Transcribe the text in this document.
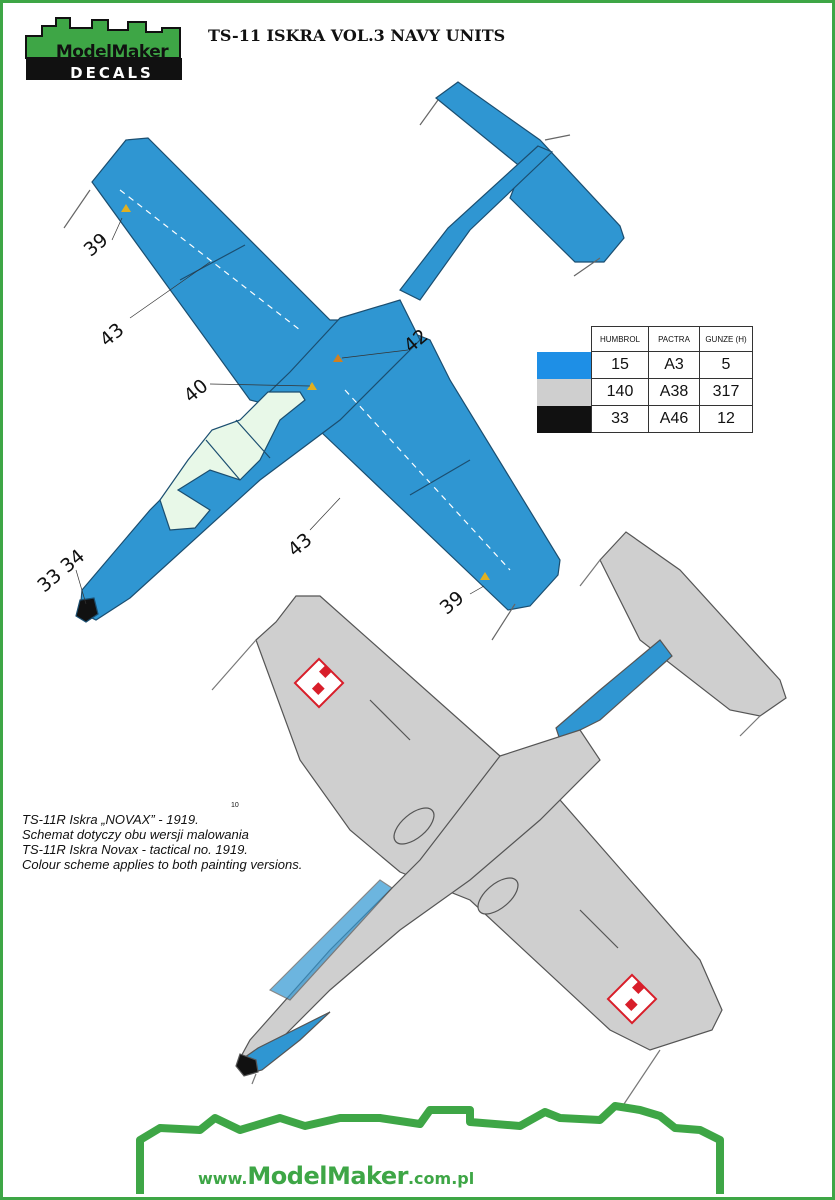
ModelMaker
DECALS
TS-11 ISKRA VOL.3 NAVY UNITS
39
43
40
42
43
33 34
39
	HUMBROL	PACTRA	GUNZE (H)
	15	A3	5
	140	A38	317
	33	A46	12
10
TS-11R Iskra „NOVAX” - 1919.
Schemat dotyczy obu wersji malowania
TS-11R Iskra Novax - tactical no. 1919.
Colour scheme applies to both painting versions.
www.ModelMaker.com.pl
